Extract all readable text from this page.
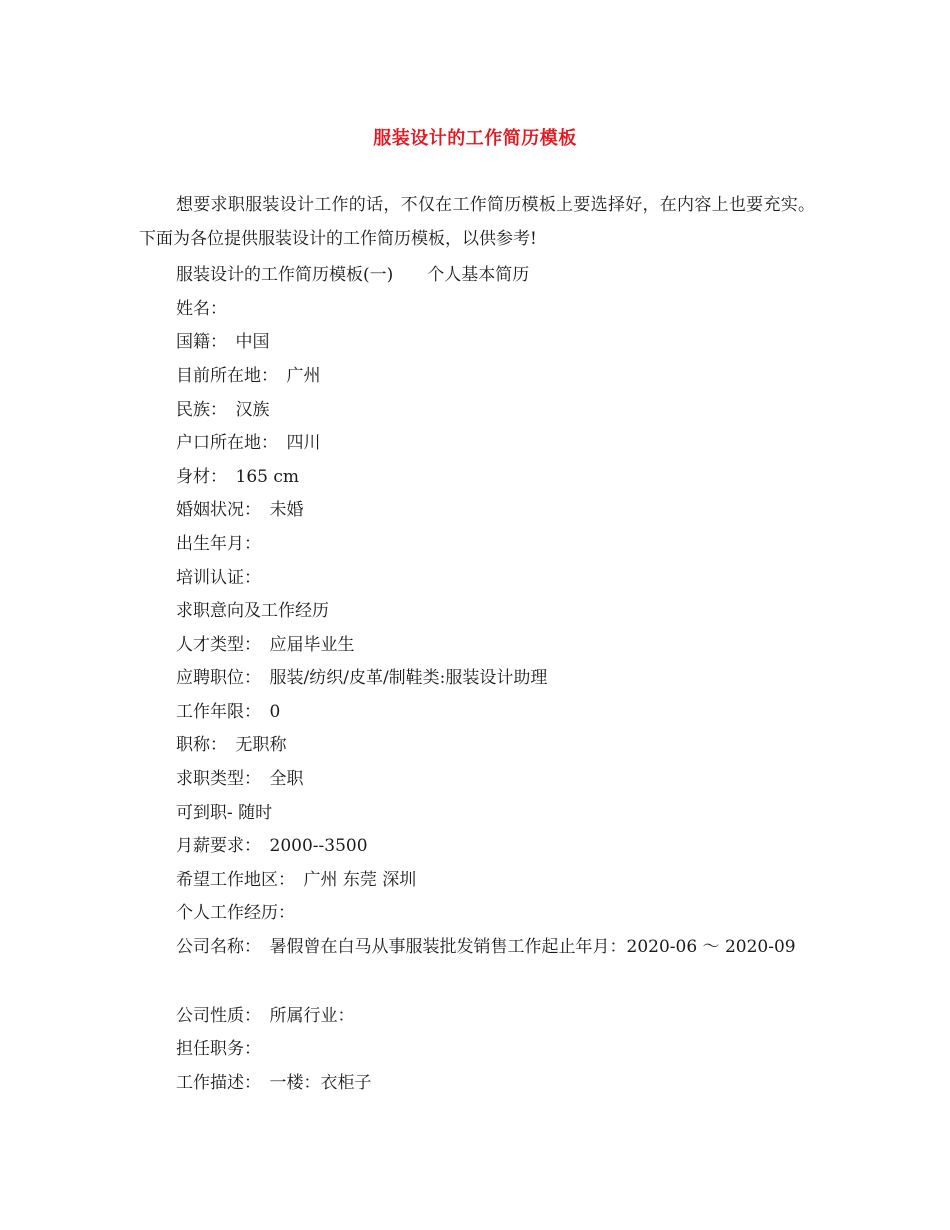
服装设计的工作简历模板
想要求职服装设计工作的话，不仅在工作简历模板上要选择好，在内容上也要充实。下面为各位提供服装设计的工作简历模板，以供参考!
服装设计的工作简历模板(一)　　个人基本简历
姓名：
国籍：　中国
目前所在地：　广州
民族：　汉族
户口所在地：　四川
身材：　165 cm
婚姻状况：　未婚
出生年月：
培训认证：
求职意向及工作经历
人才类型：　应届毕业生
应聘职位：　服装/纺织/皮革/制鞋类:服装设计助理
工作年限：　0
职称：　无职称
求职类型：　全职
可到职- 随时
月薪要求：　2000--3500
希望工作地区：　广州 东莞 深圳
个人工作经历：
公司名称：　暑假曾在白马从事服装批发销售工作起止年月：2020-06 ～ 2020-09
公司性质：　所属行业：
担任职务：
工作描述：　一楼：衣柜子
